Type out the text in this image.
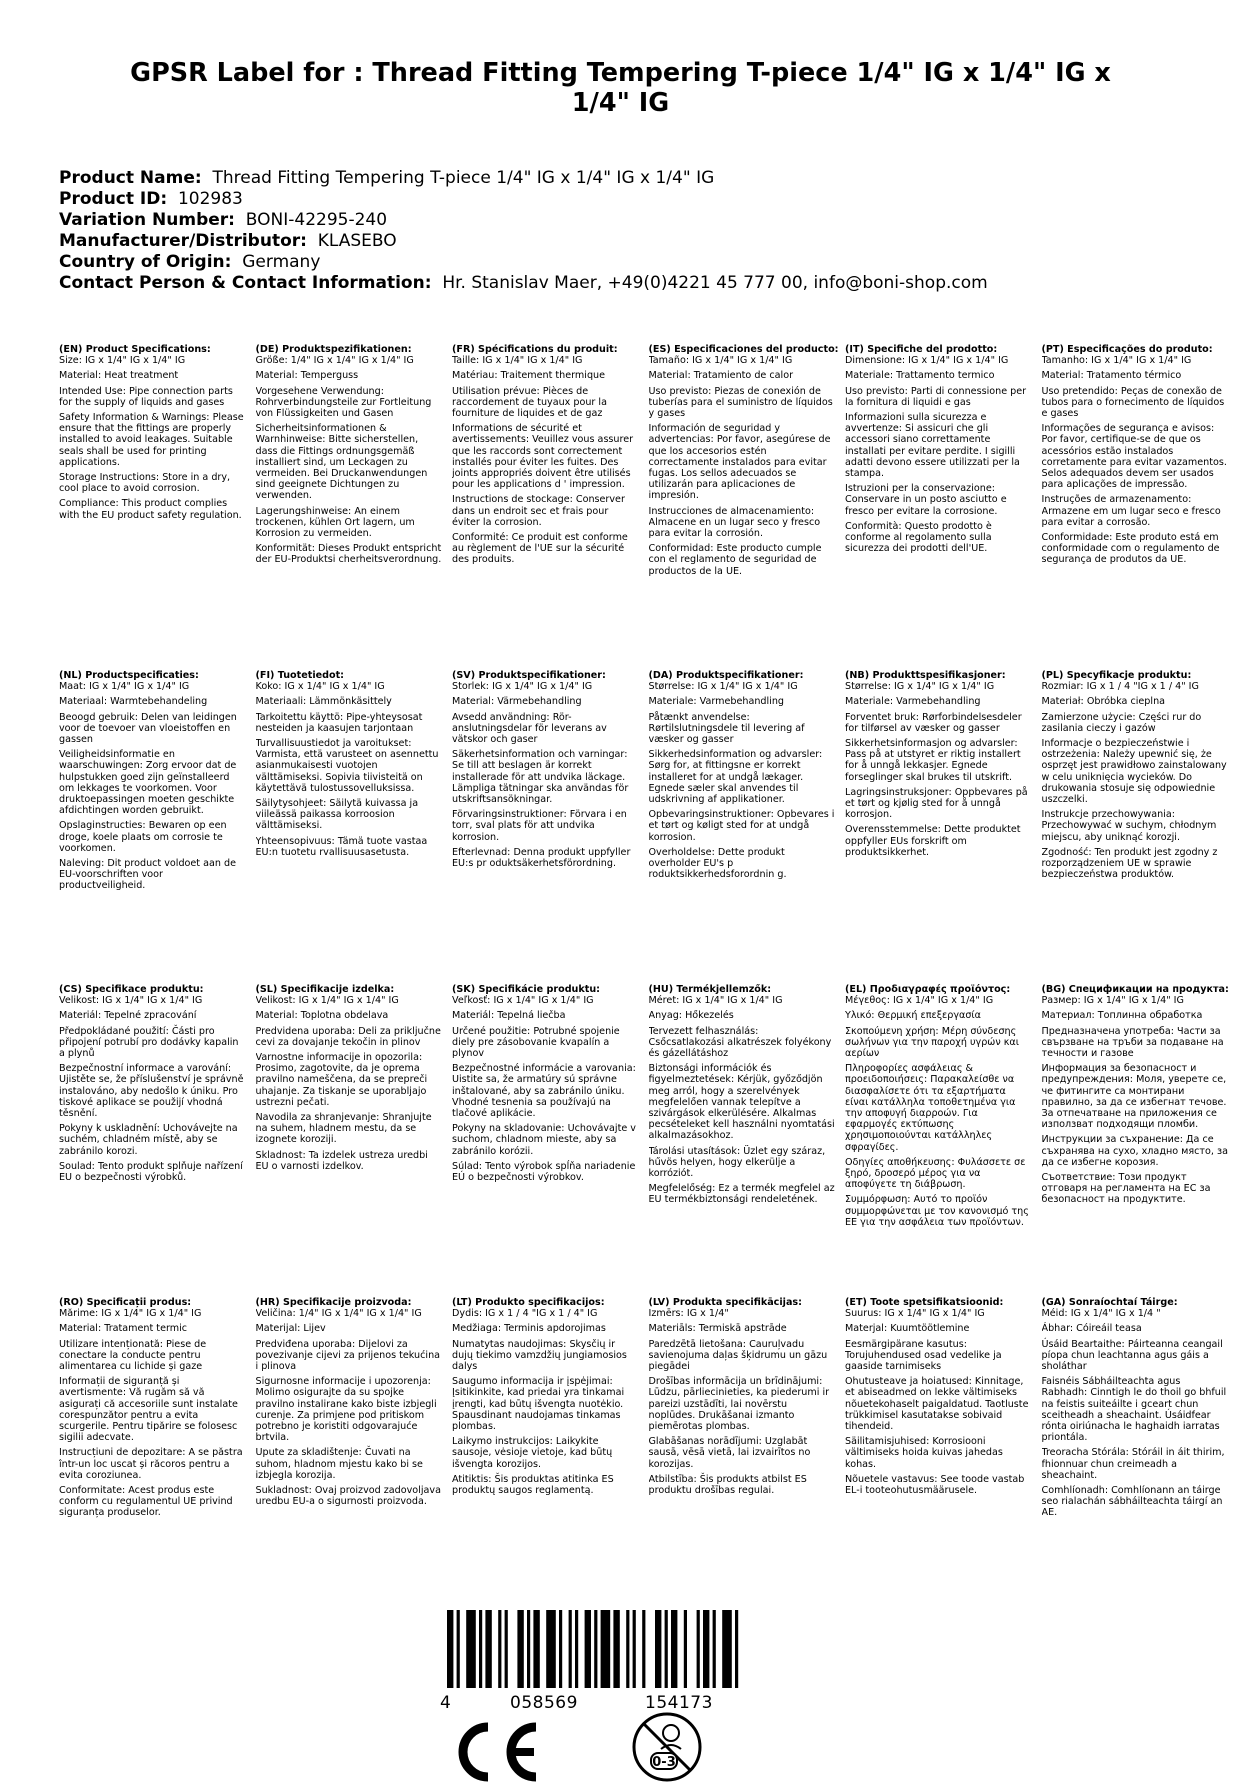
GPSR Label for : Thread Fitting Tempering T-piece 1/4" IG x 1/4" IG x 1/4" IG
Product Name: Thread Fitting Tempering T-piece 1/4" IG x 1/4" IG x 1/4" IG
Product ID: 102983
Variation Number: BONI-42295-240
Manufacturer/Distributor: KLASEBO
Country of Origin: Germany
Contact Person & Contact Information: Hr. Stanislav Maer, +49(0)4221 45 777 00, info@boni-shop.com
(EN) Product Specifications:
Size: IG x 1/4" IG x 1/4" IG
Material: Heat treatment
Intended Use: Pipe connection parts for the supply of liquids and gases
Safety Information & Warnings: Please ensure that the fittings are properly installed to avoid leakages. Suitable seals shall be used for printing applications.
Storage Instructions: Store in a dry, cool place to avoid corrosion.
Compliance: This product complies with the EU product safety regulation.
(DE) Produktspezifikationen:
Größe: 1/4" IG x 1/4" IG x 1/4" IG
Material: Temperguss
Vorgesehene Verwendung: Rohrverbindungsteile zur Fortleitung von Flüssigkeiten und Gasen
Sicherheitsinformationen & Warnhinweise: Bitte sicherstellen, dass die Fittings ordnungsgemäß installiert sind, um Leckagen zu vermeiden. Bei Druckanwendungen sind geeignete Dichtungen zu verwenden.
Lagerungshinweise: An einem trockenen, kühlen Ort lagern, um Korrosion zu vermeiden.
Konformität: Dieses Produkt entspricht der EU-Produktsi cherheitsverordnung.
(FR) Spécifications du produit:
Taille: IG x 1/4" IG x 1/4" IG
Matériau: Traitement thermique
Utilisation prévue: Pièces de raccordement de tuyaux pour la fourniture de liquides et de gaz
Informations de sécurité et avertissements: Veuillez vous assurer que les raccords sont correctement installés pour éviter les fuites. Des joints appropriés doivent être utilisés pour les applications d ' impression.
Instructions de stockage: Conserver dans un endroit sec et frais pour éviter la corrosion.
Conformité: Ce produit est conforme au règlement de l'UE sur la sécurité des produits.
(ES) Especificaciones del producto:
Tamaño: IG x 1/4" IG x 1/4" IG
Material: Tratamiento de calor
Uso previsto: Piezas de conexión de tuberías para el suministro de líquidos y gases
Información de seguridad y advertencias: Por favor, asegúrese de que los accesorios estén correctamente instalados para evitar fugas. Los sellos adecuados se utilizarán para aplicaciones de impresión.
Instrucciones de almacenamiento: Almacene en un lugar seco y fresco para evitar la corrosión.
Conformidad: Este producto cumple con el reglamento de seguridad de productos de la UE.
(IT) Specifiche del prodotto:
Dimensione: IG x 1/4" IG x 1/4" IG
Materiale: Trattamento termico
Uso previsto: Parti di connessione per la fornitura di liquidi e gas
Informazioni sulla sicurezza e avvertenze: Si assicuri che gli accessori siano correttamente installati per evitare perdite. I sigilli adatti devono essere utilizzati per la stampa.
Istruzioni per la conservazione: Conservare in un posto asciutto e fresco per evitare la corrosione.
Conformità: Questo prodotto è conforme al regolamento sulla sicurezza dei prodotti dell'UE.
(PT) Especificações do produto:
Tamanho: IG x 1/4" IG x 1/4" IG
Material: Tratamento térmico
Uso pretendido: Peças de conexão de tubos para o fornecimento de líquidos e gases
Informações de segurança e avisos: Por favor, certifique-se de que os acessórios estão instalados corretamente para evitar vazamentos. Selos adequados devem ser usados para aplicações de impressão.
Instruções de armazenamento: Armazene em um lugar seco e fresco para evitar a corrosão.
Conformidade: Este produto está em conformidade com o regulamento de segurança de produtos da UE.
(NL) Productspecificaties:
Maat: IG x 1/4" IG x 1/4" IG
Materiaal: Warmtebehandeling
Beoogd gebruik: Delen van leidingen voor de toevoer van vloeistoffen en gassen
Veiligheidsinformatie en waarschuwingen: Zorg ervoor dat de hulpstukken goed zijn geïnstalleerd om lekkages te voorkomen. Voor druktoepassingen moeten geschikte afdichtingen worden gebruikt.
Opslaginstructies: Bewaren op een droge, koele plaats om corrosie te voorkomen.
Naleving: Dit product voldoet aan de EU-voorschriften voor productveiligheid.
(FI) Tuotetiedot:
Koko: IG x 1/4" IG x 1/4" IG
Materiaali: Lämmönkäsittely
Tarkoitettu käyttö: Pipe-yhteysosat nesteiden ja kaasujen tarjontaan
Turvallisuustiedot ja varoitukset: Varmista, että varusteet on asennettu asianmukaisesti vuotojen välttämiseksi. Sopivia tiivisteitä on käytettävä tulostussovelluksissa.
Säilytysohjeet: Säilytä kuivassa ja viileässä paikassa korroosion välttämiseksi.
Yhteensopivuus: Tämä tuote vastaa EU:n tuotetu rvallisuusasetusta.
(SV) Produktspecifikationer:
Storlek: IG x 1/4" IG x 1/4" IG
Material: Värmebehandling
Avsedd användning: Rör-anslutningsdelar för leverans av vätskor och gaser
Säkerhetsinformation och varningar: Se till att beslagen är korrekt installerade för att undvika läckage. Lämpliga tätningar ska användas för utskriftsansökningar.
Förvaringsinstruktioner: Förvara i en torr, sval plats för att undvika korrosion.
Efterlevnad: Denna produkt uppfyller EU:s pr oduktsäkerhetsförordning.
(DA) Produktspecifikationer:
Størrelse: IG x 1/4" IG x 1/4" IG
Materiale: Varmebehandling
Påtænkt anvendelse: Rørtilslutningsdele til levering af væsker og gasser
Sikkerhedsinformation og advarsler: Sørg for, at fittingsne er korrekt installeret for at undgå lækager. Egnede sæler skal anvendes til udskrivning af applikationer.
Opbevaringsinstruktioner: Opbevares i et tørt og køligt sted for at undgå korrosion.
Overholdelse: Dette produkt overholder EU's p roduktsikkerhedsforordnin g.
(NB) Produkttspesifikasjoner:
Størrelse: IG x 1/4" IG x 1/4" IG
Materiale: Varmebehandling
Forventet bruk: Rørforbindelsesdeler for tilførsel av væsker og gasser
Sikkerhetsinformasjon og advarsler: Pass på at utstyret er riktig installert for å unngå lekkasjer. Egnede forseglinger skal brukes til utskrift.
Lagringsinstruksjoner: Oppbevares på et tørt og kjølig sted for å unngå korrosjon.
Overensstemmelse: Dette produktet oppfyller EUs forskrift om produktsikkerhet.
(PL) Specyfikacje produktu:
Rozmiar: IG x 1 / 4 "IG x 1 / 4" IG
Materiał: Obróbka cieplna
Zamierzone użycie: Części rur do zasilania cieczy i gazów
Informacje o bezpieczeństwie i ostrzeżenia: Należy upewnić się, że osprzęt jest prawidłowo zainstalowany w celu uniknięcia wycieków. Do drukowania stosuje się odpowiednie uszczelki.
Instrukcje przechowywania: Przechowywać w suchym, chłodnym miejscu, aby uniknąć korozji.
Zgodność: Ten produkt jest zgodny z rozporządzeniem UE w sprawie bezpieczeństwa produktów.
(CS) Specifikace produktu:
Velikost: IG x 1/4" IG x 1/4" IG
Materiál: Tepelné zpracování
Předpokládané použití: Části pro připojení potrubí pro dodávky kapalin a plynů
Bezpečnostní informace a varování: Ujistěte se, že příslušenství je správně instalováno, aby nedošlo k úniku. Pro tiskové aplikace se použijí vhodná těsnění.
Pokyny k uskladnění: Uchovávejte na suchém, chladném místě, aby se zabránilo korozi.
Soulad: Tento produkt splňuje nařízení EU o bezpečnosti výrobků.
(SL) Specifikacije izdelka:
Velikost: IG x 1/4" IG x 1/4" IG
Material: Toplotna obdelava
Predvidena uporaba: Deli za priključne cevi za dovajanje tekočin in plinov
Varnostne informacije in opozorila: Prosimo, zagotovite, da je oprema pravilno nameščena, da se prepreči uhajanje. Za tiskanje se uporabljajo ustrezni pečati.
Navodila za shranjevanje: Shranjujte na suhem, hladnem mestu, da se izognete koroziji.
Skladnost: Ta izdelek ustreza uredbi EU o varnosti izdelkov.
(SK) Špecifikácie produktu:
Veľkosť: IG x 1/4" IG x 1/4" IG
Materiál: Tepelná liečba
Určené použitie: Potrubné spojenie diely pre zásobovanie kvapalín a plynov
Bezpečnostné informácie a varovania: Uistite sa, že armatúry sú správne inštalované, aby sa zabránilo úniku. Vhodné tesnenia sa používajú na tlačové aplikácie.
Pokyny na skladovanie: Uchovávajte v suchom, chladnom mieste, aby sa zabránilo korózii.
Súlad: Tento výrobok spĺňa nariadenie EÚ o bezpečnosti výrobkov.
(HU) Termékjellemzők:
Méret: IG x 1/4" IG x 1/4" IG
Anyag: Hőkezelés
Tervezett felhasználás: Csőcsatlakozási alkatrészek folyékony és gázellátáshoz
Biztonsági információk és figyelmeztetések: Kérjük, győződjön meg arról, hogy a szerelvények megfelelően vannak telepítve a szivárgások elkerülésére. Alkalmas pecsételeket kell használni nyomtatási alkalmazásokhoz.
Tárolási utasítások: Üzlet egy száraz, hűvös helyen, hogy elkerülje a korróziót.
Megfelelőség: Ez a termék megfelel az EU termékbiztonsági rendeletének.
(EL) Προδιαγραφές προϊόντος:
Μέγεθος: IG x 1/4" IG x 1/4" IG
Υλικό: Θερμική επεξεργασία
Σκοπούμενη χρήση: Μέρη σύνδεσης σωλήνων για την παροχή υγρών και αερίων
Πληροφορίες ασφάλειας & προειδοποιήσεις: Παρακαλείσθε να διασφαλίσετε ότι τα εξαρτήματα είναι κατάλληλα τοποθετημένα για την αποφυγή διαρροών. Για εφαρμογές εκτύπωσης χρησιμοποιούνται κατάλληλες σφραγίδες.
Οδηγίες αποθήκευσης: Φυλάσσετε σε ξηρό, δροσερό μέρος για να αποφύγετε τη διάβρωση.
Συμμόρφωση: Αυτό το προϊόν συμμορφώνεται με τον κανονισμό της ΕΕ για την ασφάλεια των προϊόντων.
(BG) Спецификации на продукта:
Размер: IG x 1/4" IG x 1/4" IG
Материал: Топлинна обработка
Предназначена употреба: Части за свързване на тръби за подаване на течности и газове
Информация за безопасност и предупреждения: Моля, уверете се, че фитингите са монтирани правилно, за да се избегнат течове. За отпечатване на приложения се използват подходящи пломби.
Инструкции за съхранение: Да се съхранява на сухо, хладно място, за да се избегне корозия.
Съответствие: Този продукт отговаря на регламента на ЕС за безопасност на продуктите.
(RO) Specificații produs:
Mărime: IG x 1/4" IG x 1/4" IG
Material: Tratament termic
Utilizare intenționată: Piese de conectare la conducte pentru alimentarea cu lichide și gaze
Informații de siguranță și avertismente: Vă rugăm să vă asigurați că accesoriile sunt instalate corespunzător pentru a evita scurgerile. Pentru tipărire se folosesc sigilii adecvate.
Instrucțiuni de depozitare: A se păstra într-un loc uscat și răcoros pentru a evita coroziunea.
Conformitate: Acest produs este conform cu regulamentul UE privind siguranța produselor.
(HR) Specifikacije proizvoda:
Veličina: 1/4" IG x 1/4" IG x 1/4" IG
Materijal: Lijev
Predviđena uporaba: Dijelovi za povezivanje cijevi za prijenos tekućina i plinova
Sigurnosne informacije i upozorenja: Molimo osigurajte da su spojke pravilno instalirane kako biste izbjegli curenje. Za primjene pod pritiskom potrebno je koristiti odgovarajuće brtvila.
Upute za skladištenje: Čuvati na suhom, hladnom mjestu kako bi se izbjegla korozija.
Sukladnost: Ovaj proizvod zadovoljava uredbu EU-a o sigurnosti proizvoda.
(LT) Produkto specifikacijos:
Dydis: IG x 1 / 4 "IG x 1 / 4" IG
Medžiaga: Terminis apdorojimas
Numatytas naudojimas: Skysčių ir dujų tiekimo vamzdžių jungiamosios dalys
Saugumo informacija ir įspėjimai: Įsitikinkite, kad priedai yra tinkamai įrengti, kad būtų išvengta nuotėkio. Spausdinant naudojamas tinkamas plombas.
Laikymo instrukcijos: Laikykite sausoje, vėsioje vietoje, kad būtų išvengta korozijos.
Atitiktis: Šis produktas atitinka ES produktų saugos reglamentą.
(LV) Produkta specifikācijas:
Izmērs: IG x 1/4"
Materiāls: Termiskā apstrāde
Paredzētā lietošana: Cauruļvadu savienojuma daļas šķidrumu un gāzu piegādei
Drošības informācija un brīdinājumi: Lūdzu, pārliecinieties, ka piederumi ir pareizi uzstādīti, lai novērstu noplūdes. Drukāšanai izmanto piemērotas plombas.
Glabāšanas norādījumi: Uzglabāt sausā, vēsā vietā, lai izvairītos no korozijas.
Atbilstība: Šis produkts atbilst ES produktu drošības regulai.
(ET) Toote spetsifikatsioonid:
Suurus: IG x 1/4" IG x 1/4" IG
Materjal: Kuumtöötlemine
Eesmärgipärane kasutus: Torujuhendused osad vedelike ja gaaside tarnimiseks
Ohutusteave ja hoiatused: Kinnitage, et abiseadmed on lekke vältimiseks nõuetekohaselt paigaldatud. Taotluste trükkimisel kasutatakse sobivaid tihendeid.
Säilitamisjuhised: Korrosiooni vältimiseks hoida kuivas jahedas kohas.
Nõuetele vastavus: See toode vastab EL-i tooteohutusmäärusele.
(GA) Sonraíochtaí Táirge:
Méid: IG x 1/4" IG x 1/4 "
Ábhar: Cóireáil teasa
Úsáid Beartaithe: Páirteanna ceangail píopa chun leachtanna agus gáis a sholáthar
Faisnéis Sábháilteachta agus Rabhadh: Cinntigh le do thoil go bhfuil na feistis suiteáilte i gceart chun sceitheadh a sheachaint. Úsáidfear rónta oiriúnacha le haghaidh iarratas priontála.
Treoracha Stórála: Stóráil in áit thirim, fhionnuar chun creimeadh a sheachaint.
Comhlíonadh: Comhlíonann an táirge seo rialachán sábháilteachta táirgí an AE.
4	058569	154173
0-3
